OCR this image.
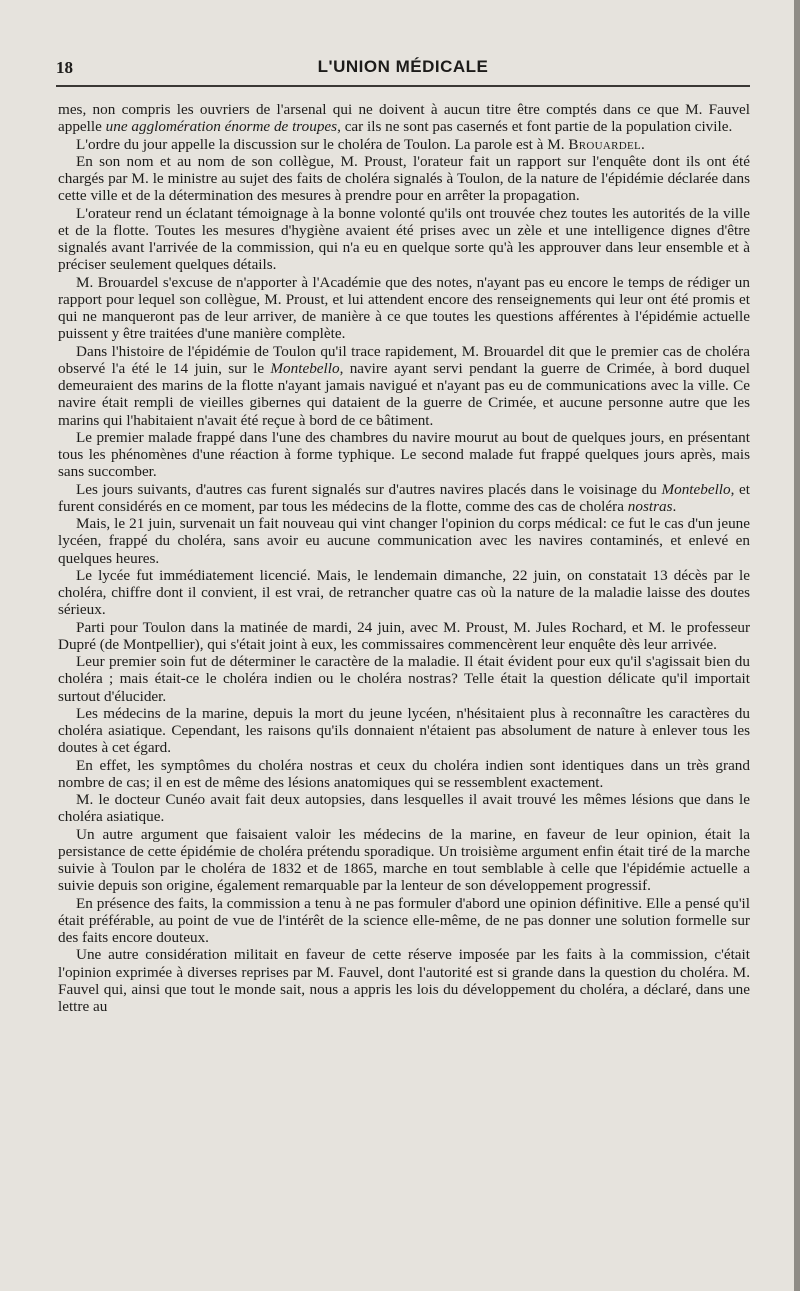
18	L'UNION MÉDICALE

mes, non compris les ouvriers de l'arsenal qui ne doivent à aucun titre être comptés dans ce que M. Fauvel appelle une agglomération énorme de troupes, car ils ne sont pas casernés et font partie de la population civile.

L'ordre du jour appelle la discussion sur le choléra de Toulon. La parole est à M. Brouardel.

En son nom et au nom de son collègue, M. Proust, l'orateur fait un rapport sur l'enquête dont ils ont été chargés par M. le ministre au sujet des faits de choléra signalés à Toulon, de la nature de l'épidémie déclarée dans cette ville et de la détermination des mesures à prendre pour en arrêter la propagation.

L'orateur rend un éclatant témoignage à la bonne volonté qu'ils ont trouvée chez toutes les autorités de la ville et de la flotte. Toutes les mesures d'hygiène avaient été prises avec un zèle et une intelligence dignes d'être signalés avant l'arrivée de la commission, qui n'a eu en quelque sorte qu'à les approuver dans leur ensemble et à préciser seulement quelques détails.

M. Brouardel s'excuse de n'apporter à l'Académie que des notes, n'ayant pas eu encore le temps de rédiger un rapport pour lequel son collègue, M. Proust, et lui attendent encore des renseignements qui leur ont été promis et qui ne manqueront pas de leur arriver, de manière à ce que toutes les questions afférentes à l'épidémie actuelle puissent y être traitées d'une manière complète.

Dans l'histoire de l'épidémie de Toulon qu'il trace rapidement, M. Brouardel dit que le premier cas de choléra observé l'a été le 14 juin, sur le Montebello, navire ayant servi pendant la guerre de Crimée, à bord duquel demeuraient des marins de la flotte n'ayant jamais navigué et n'ayant pas eu de communications avec la ville. Ce navire était rempli de vieilles gibernes qui dataient de la guerre de Crimée, et aucune personne autre que les marins qui l'habitaient n'avait été reçue à bord de ce bâtiment.

Le premier malade frappé dans l'une des chambres du navire mourut au bout de quelques jours, en présentant tous les phénomènes d'une réaction à forme typhique. Le second malade fut frappé quelques jours après, mais sans succomber.

Les jours suivants, d'autres cas furent signalés sur d'autres navires placés dans le voisinage du Montebello, et furent considérés en ce moment, par tous les médecins de la flotte, comme des cas de choléra nostras.

Mais, le 21 juin, survenait un fait nouveau qui vint changer l'opinion du corps médical: ce fut le cas d'un jeune lycéen, frappé du choléra, sans avoir eu aucune communication avec les navires contaminés, et enlevé en quelques heures.

Le lycée fut immédiatement licencié. Mais, le lendemain dimanche, 22 juin, on constatait 13 décès par le choléra, chiffre dont il convient, il est vrai, de retrancher quatre cas où la nature de la maladie laisse des doutes sérieux.

Parti pour Toulon dans la matinée de mardi, 24 juin, avec M. Proust, M. Jules Rochard, et M. le professeur Dupré (de Montpellier), qui s'était joint à eux, les commissaires commencèrent leur enquête dès leur arrivée.

Leur premier soin fut de déterminer le caractère de la maladie. Il était évident pour eux qu'il s'agissait bien du choléra ; mais était-ce le choléra indien ou le choléra nostras? Telle était la question délicate qu'il importait surtout d'élucider.

Les médecins de la marine, depuis la mort du jeune lycéen, n'hésitaient plus à reconnaître les caractères du choléra asiatique. Cependant, les raisons qu'ils donnaient n'étaient pas absolument de nature à enlever tous les doutes à cet égard.

En effet, les symptômes du choléra nostras et ceux du choléra indien sont identiques dans un très grand nombre de cas; il en est de même des lésions anatomiques qui se ressemblent exactement.

M. le docteur Cunéo avait fait deux autopsies, dans lesquelles il avait trouvé les mêmes lésions que dans le choléra asiatique.

Un autre argument que faisaient valoir les médecins de la marine, en faveur de leur opinion, était la persistance de cette épidémie de choléra prétendu sporadique. Un troisième argument enfin était tiré de la marche suivie à Toulon par le choléra de 1832 et de 1865, marche en tout semblable à celle que l'épidémie actuelle a suivie depuis son origine, également remarquable par la lenteur de son développement progressif.

En présence des faits, la commission a tenu à ne pas formuler d'abord une opinion définitive. Elle a pensé qu'il était préférable, au point de vue de l'intérêt de la science elle-même, de ne pas donner une solution formelle sur des faits encore douteux.

Une autre considération militait en faveur de cette réserve imposée par les faits à la commission, c'était l'opinion exprimée à diverses reprises par M. Fauvel, dont l'autorité est si grande dans la question du choléra. M. Fauvel qui, ainsi que tout le monde sait, nous a appris les lois du développement du choléra, a déclaré, dans une lettre au
